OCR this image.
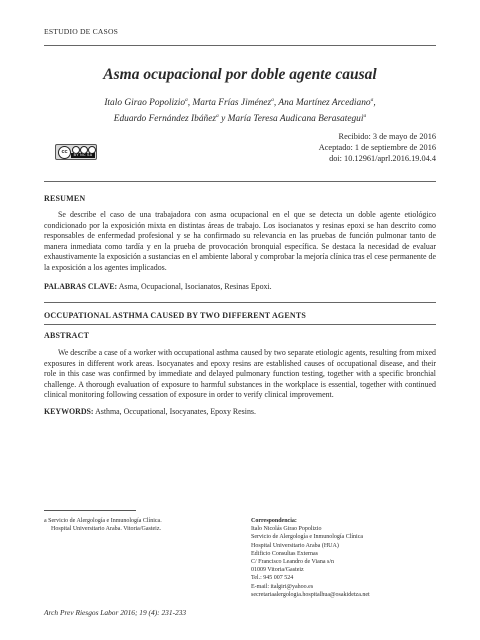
ESTUDIO DE CASOS
Asma ocupacional por doble agente causal
Italo Girao Popolizio$^a$, Marta Frías Jiménez$^a$, Ana Martínez Arcediano$^a$,
Eduardo Fernández Ibáñez$^a$ y María Teresa Audicana Berasategui$^a$
cc	BY NC SA
Recibido: 3 de mayo de 2016
Aceptado: 1 de septiembre de 2016
doi: 10.12961/aprl.2016.19.04.4
RESUMEN
Se describe el caso de una trabajadora con asma ocupacional en el que se detecta un doble agente etiológico condicionado por la exposición mixta en distintas áreas de trabajo. Los isocianatos y resinas epoxi se han descrito como responsables de enfermedad profesional y se ha confirmado su relevancia en las pruebas de función pulmonar tanto de manera inmediata como tardía y en la prueba de provocación bronquial específica. Se destaca la necesidad de evaluar exhaustivamente la exposición a sustancias en el ambiente laboral y comprobar la mejoría clínica tras el cese permanente de la exposición a los agentes implicados.
PALABRAS CLAVE: Asma, Ocupacional, Isocianatos, Resinas Epoxi.
OCCUPATIONAL ASTHMA CAUSED BY TWO DIFFERENT AGENTS
ABSTRACT
We describe a case of a worker with occupational asthma caused by two separate etiologic agents, resulting from mixed exposures in different work areas. Isocyanates and epoxy resins are established causes of occupational disease, and their role in this case was confirmed by immediate and delayed pulmonary function testing, together with a specific bronchial challenge. A thorough evaluation of exposure to harmful substances in the workplace is essential, together with continued clinical monitoring following cessation of exposure in order to verify clinical improvement.
KEYWORDS: Asthma, Occupational, Isocyanates, Epoxy Resins.
a Servicio de Alergología e Inmunología Clínica.
Hospital Universitario Araba. Vitoria/Gasteiz.
Correspondencia:
Italo Nicolás Girao Popolizio
Servicio de Alergología e Inmunología Clínica
Hospital Universitario Araba (HUA)
Edificio Consultas Externas
C/ Francisco Leandro de Viana s/n
01009 Vitoria/Gasteiz
Tel.: 945 007 524
E-mail: italgiri@yahoo.es
secretariaalergologia.hospitalhua@osakidetza.net
Arch Prev Riesgos Labor 2016; 19 (4): 231-233
